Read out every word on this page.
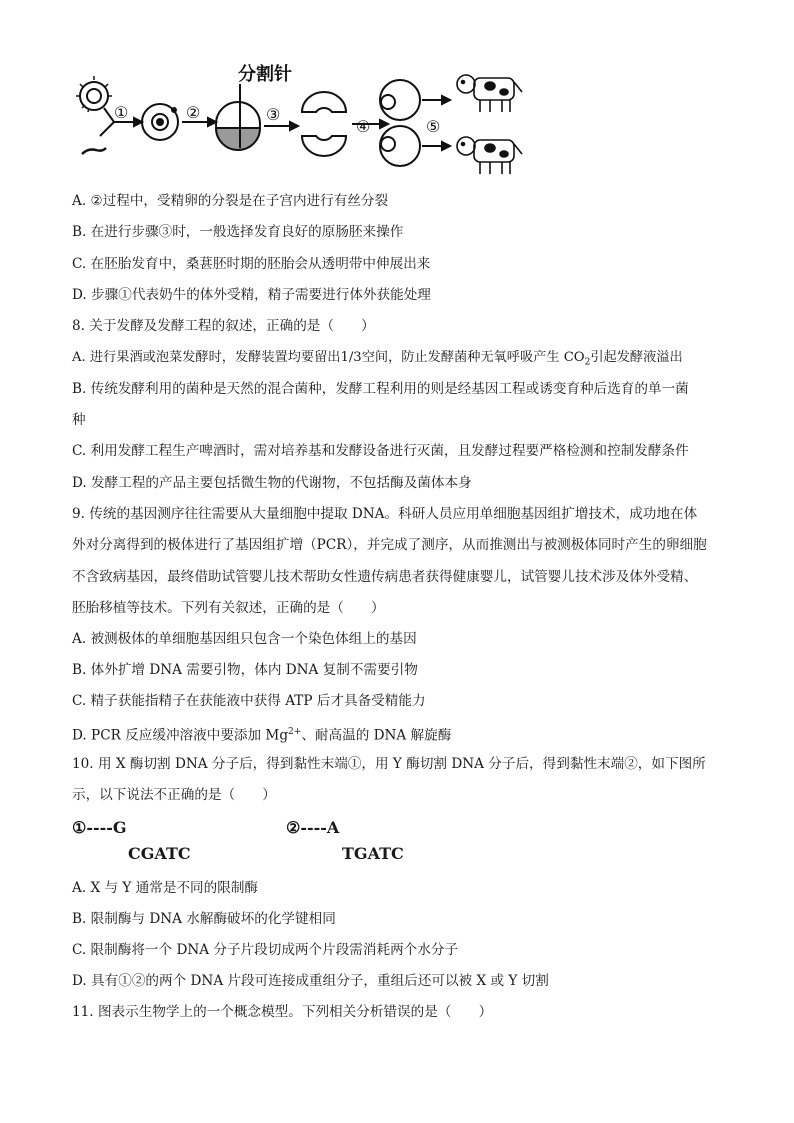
①	②	③
④	⑤
分割针
A. ②过程中，受精卵的分裂是在子宫内进行有丝分裂
B. 在进行步骤③时，一般选择发育良好的原肠胚来操作
C. 在胚胎发育中，桑葚胚时期的胚胎会从透明带中伸展出来
D. 步骤①代表奶牛的体外受精，精子需要进行体外获能处理
8. 关于发酵及发酵工程的叙述，正确的是（　　）
A. 进行果酒或泡菜发酵时，发酵装置均要留出1/3空间，防止发酵菌种无氧呼吸产生 $CO_2$引起发酵液溢出
B. 传统发酵利用的菌种是天然的混合菌种，发酵工程利用的则是经基因工程或诱变育种后选育的单一菌
种
C. 利用发酵工程生产啤酒时，需对培养基和发酵设备进行灭菌，且发酵过程要严格检测和控制发酵条件
D. 发酵工程的产品主要包括微生物的代谢物，不包括酶及菌体本身
9. 传统的基因测序往往需要从大量细胞中提取 DNA。科研人员应用单细胞基因组扩增技术，成功地在体
外对分离得到的极体进行了基因组扩增（PCR），并完成了测序，从而推测出与被测极体同时产生的卵细胞
不含致病基因，最终借助试管婴儿技术帮助女性遗传病患者获得健康婴儿，试管婴儿技术涉及体外受精、
胚胎移植等技术。下列有关叙述，正确的是（　　）
A. 被测极体的单细胞基因组只包含一个染色体组上的基因
B. 体外扩增 DNA 需要引物，体内 DNA 复制不需要引物
C. 精子获能指精子在获能液中获得 ATP 后才具备受精能力
D. PCR 反应缓冲溶液中要添加 $Mg^{2+}$、耐高温的 DNA 解旋酶
10. 用 X 酶切割 DNA 分子后，得到黏性末端①，用 Y 酶切割 DNA 分子后，得到黏性末端②，如下图所
示，以下说法不正确的是（　　）
①----G
CGATC
②----A
TGATC
A. X 与 Y 通常是不同的限制酶
B. 限制酶与 DNA 水解酶破坏的化学键相同
C. 限制酶将一个 DNA 分子片段切成两个片段需消耗两个水分子
D. 具有①②的两个 DNA 片段可连接成重组分子，重组后还可以被 X 或 Y 切割
11. 图表示生物学上的一个概念模型。下列相关分析错误的是（　　）
